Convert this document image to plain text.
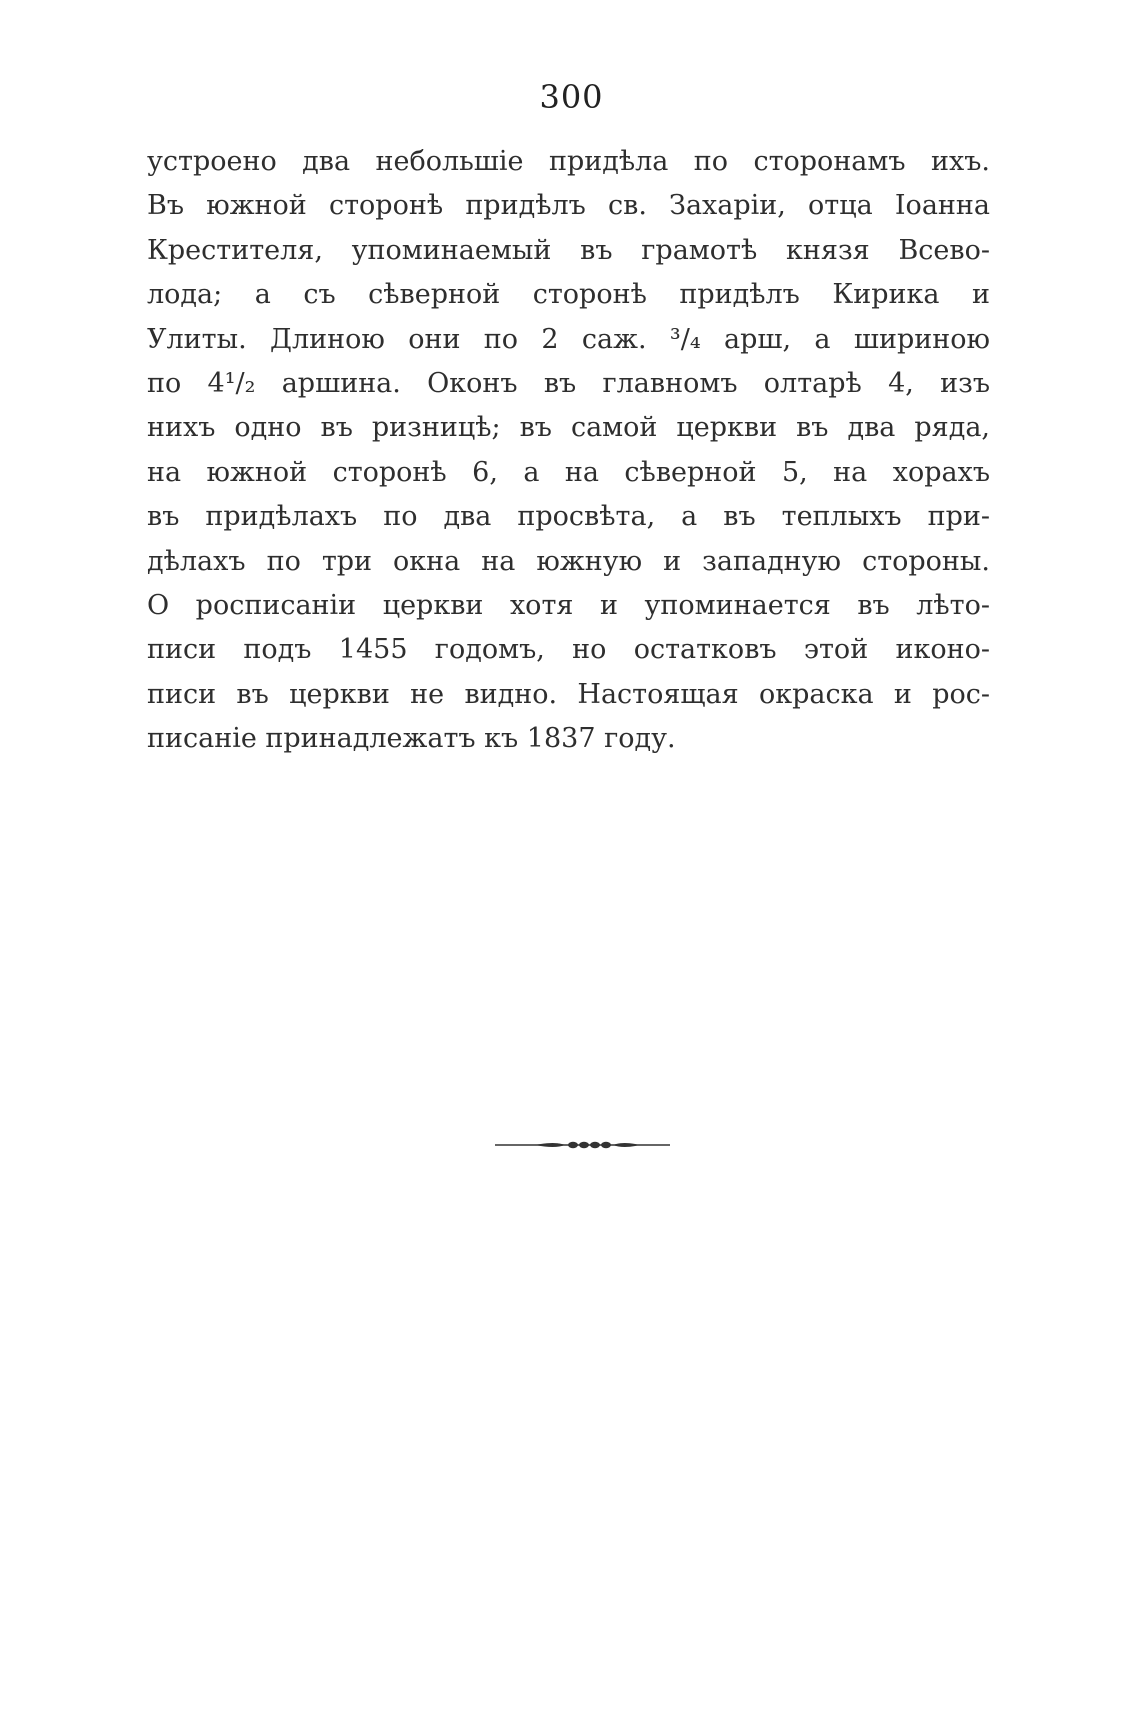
300
устроено два небольшіе придѣла по сторонамъ ихъ.
Въ южной сторонѣ придѣлъ св. Захаріи, отца Іоанна
Крестителя, упоминаемый въ грамотѣ князя Всево-
лода; а съ сѣверной сторонѣ придѣлъ Кирика и
Улиты. Длиною они по 2 саж. ³/₄ арш, а шириною
по 4¹/₂ аршина. Оконъ въ главномъ олтарѣ 4, изъ
нихъ одно въ ризницѣ; въ самой церкви въ два ряда,
на южной сторонѣ 6, а на сѣверной 5, на хорахъ
въ придѣлахъ по два просвѣта, а въ теплыхъ при-
дѣлахъ по три окна на южную и западную стороны.
О росписаніи церкви хотя и упоминается въ лѣто-
писи подъ 1455 годомъ, но остатковъ этой иконо-
писи въ церкви не видно. Настоящая окраска и рос-
писаніе принадлежатъ къ 1837 году.
